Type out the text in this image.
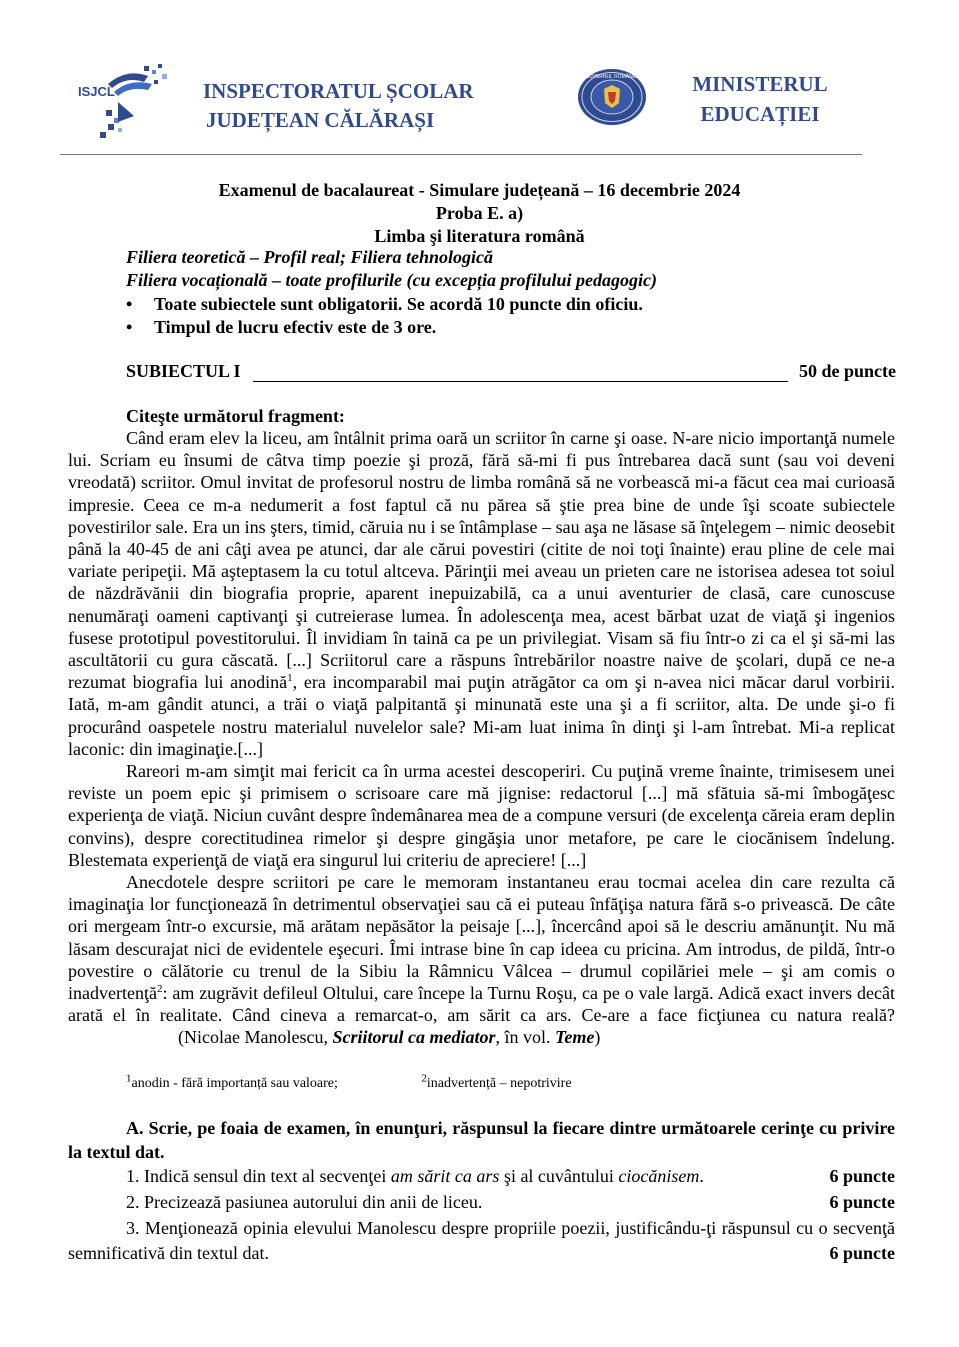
ISJCL	INSPECTORATUL ȘCOLAR
JUDEȚEAN CĂLĂRAȘI
GUVERNUL ROMÂNIEI	MINISTERUL
EDUCAȚIEI
Examenul de bacalaureat - Simulare județeană – 16 decembrie 2024
Proba E. a)
Limba şi literatura română
Filiera teoretică – Profil real; Filiera tehnologică
Filiera vocațională – toate profilurile (cu excepția profilului pedagogic)
• Toate subiectele sunt obligatorii. Se acordă 10 puncte din oficiu.
• Timpul de lucru efectiv este de 3 ore.
SUBIECTUL I	50 de puncte
Citeşte următorul fragment:

Când eram elev la liceu, am întâlnit prima oară un scriitor în carne şi oase. N-are nicio importanţă numele lui. Scriam eu însumi de câtva timp poezie şi proză, fără să-mi fi pus întrebarea dacă sunt (sau voi deveni vreodată) scriitor. Omul invitat de profesorul nostru de limba română să ne vorbească mi-a făcut cea mai curioasă impresie. Ceea ce m-a nedumerit a fost faptul că nu părea să ştie prea bine de unde îşi scoate subiectele povestirilor sale. Era un ins şters, timid, căruia nu i se întâmplase – sau aşa ne lăsase să înţelegem – nimic deosebit până la 40-45 de ani câţi avea pe atunci, dar ale cărui povestiri (citite de noi toţi înainte) erau pline de cele mai variate peripeţii. Mă aşteptasem la cu totul altceva. Părinţii mei aveau un prieten care ne istorisea adesea tot soiul de năzdrăvănii din biografia proprie, aparent inepuizabilă, ca a unui aventurier de clasă, care cunoscuse nenumăraţi oameni captivanţi şi cutreierase lumea. În adolescenţa mea, acest bărbat uzat de viaţă şi ingenios fusese prototipul povestitorului. Îl invidiam în taină ca pe un privilegiat. Visam să fiu într-o zi ca el şi să-mi las ascultătorii cu gura căscată. [...] Scriitorul care a răspuns întrebărilor noastre naive de şcolari, după ce ne-a rezumat biografia lui anodină$^1$, era incomparabil mai puţin atrăgător ca om şi n-avea nici măcar darul vorbirii. Iată, m-am gândit atunci, a trăi o viaţă palpitantă şi minunată este una şi a fi scriitor, alta. De unde şi-o fi procurând oaspetele nostru materialul nuvelelor sale? Mi-am luat inima în dinţi şi l-am întrebat. Mi-a replicat laconic: din imaginaţie.[...]

Rareori m-am simţit mai fericit ca în urma acestei descoperiri. Cu puţină vreme înainte, trimisesem unei reviste un poem epic şi primisem o scrisoare care mă jignise: redactorul [...] mă sfătuia să-mi îmbogăţesc experienţa de viaţă. Niciun cuvânt despre îndemânarea mea de a compune versuri (de excelenţa căreia eram deplin convins), despre corectitudinea rimelor şi despre gingăşia unor metafore, pe care le ciocănisem îndelung. Blestemata experienţă de viaţă era singurul lui criteriu de apreciere! [...]

Anecdotele despre scriitori pe care le memoram instantaneu erau tocmai acelea din care rezulta că imaginaţia lor funcţionează în detrimentul observaţiei sau că ei puteau înfăţişa natura fără s-o privească. De câte ori mergeam într-o excursie, mă arătam nepăsător la peisaje [...], încercând apoi să le descriu amănunţit. Nu mă lăsam descurajat nici de evidentele eşecuri. Îmi intrase bine în cap ideea cu pricina. Am introdus, de pildă, într-o povestire o călătorie cu trenul de la Sibiu la Râmnicu Vâlcea – drumul copilăriei mele – şi am comis o inadvertenţă$^2$: am zugrăvit defileul Oltului, care începe la Turnu Roşu, ca pe o vale largă. Adică exact invers decât arată el în realitate. Când cineva a remarcat-o, am sărit ca ars. Ce-are a face ficţiunea cu natura reală?(Nicolae Manolescu, Scriitorul ca mediator, în vol. Teme)

$^1$anodin - fără importanță sau valoare;	$^2$inadvertență – nepotrivire
A. Scrie, pe foaia de examen, în enunţuri, răspunsul la fiecare dintre următoarele cerinţe cu privire la textul dat.
1. Indică sensul din text al secvenţei am sărit ca ars şi al cuvântului ciocănisem.	6 puncte
2. Precizează pasiunea autorului din anii de liceu.	6 puncte
3. Menţionează opinia elevului Manolescu despre propriile poezii, justificându-ţi răspunsul cu o secvenţă semnificativă din textul dat.	6 puncte
